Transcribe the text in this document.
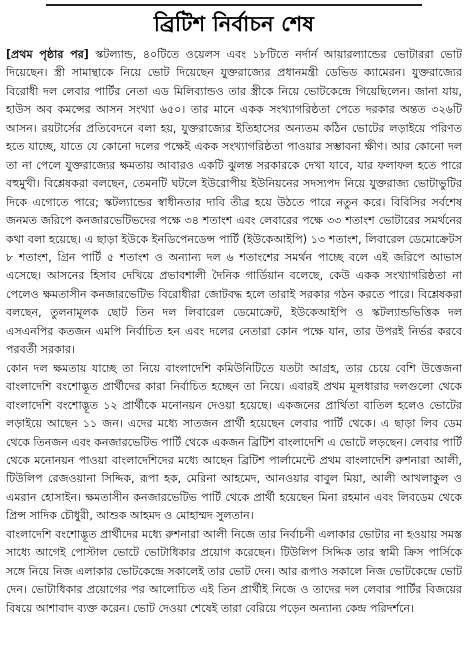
ব্রিটিশ নির্বাচন শেষ

[প্রথম পৃষ্ঠার পর] স্কটল্যান্ড, ৪০টিতে ওয়েলস এবং ১৮টিতে নর্দার্ন আয়ারল্যান্ডের ভোটাররা ভোট দিয়েছেন। স্ত্রী সামান্থাকে নিয়ে ভোট দিয়েছেন যুক্তরাজ্যের প্রধানমন্ত্রী ডেভিড ক্যামেরন। যুক্তরাজ্যের বিরোধী দল লেবার পার্টির নেতা এড মিলিব্যান্ডও তার স্ত্রীকে নিয়ে ভোটকেন্দ্রে গিয়েছিলেন। জানা যায়, হাউস অব কমন্সের আসন সংখ্যা ৬৫০। তার মানে একক সংখ্যাগরিষ্ঠতা পেতে দরকার অন্তত ৩২৬টি আসন। রয়টার্সের প্রতিবেদনে বলা হয়, যুক্তরাজ্যের ইতিহাসের অন্যতম কঠিন ভোটের লড়াইয়ে পরিণত হতে যাচ্ছে, যাতে যে কোনো দলের পক্ষেই একক সংখ্যাগরিষ্ঠতা পাওয়ার সম্ভাবনা ক্ষীণ। আর কোনো দল তা না পেলে যুক্তরাজ্যের ক্ষমতায় আবারও একটি ঝুলন্ত সরকারকে দেখা যাবে, যার ফলাফল হতে পারে বহুমুখী। বিশ্লেষকরা বলছেন, তেমনটি ঘটলে ইউরোপীয় ইউনিয়নের সদস্যপদ নিয়ে যুক্তরাজ্য ভোটাভুটির দিকে এগোতে পারে; স্কটল্যান্ডের স্বাধীনতার দাবি তীব্র হয়ে উঠতে পারে নতুন করে। বিবিসির সর্বশেষ জনমত জরিপে কনজারভেটিভদের পক্ষে ৩৪ শতাংশ এবং লেবারের পক্ষে ৩৩ শতাংশ ভোটারের সমর্থনের কথা বলা হয়েছে। এ ছাড়া ইউকে ইনডিপেনডেন্স পার্টি (ইউকেআইপি) ১৩ শতাংশ, লিবারেল ডেমোক্রেটস ৮ শতাংশ, গ্রিন পার্টি ৫ শতাংশ ও অন্যান্য দল ৬ শতাংশের সমর্থন পাচ্ছে বলে এই জরিপে আভাস এসেছে। আসনের হিসাব দেখিয়ে প্রভাবশালী দৈনিক গার্ডিয়ান বলেছে, কেউ একক সংখ্যাগরিষ্ঠতা না পেলেও ক্ষমতাসীন কনজারভেটিভ বিরোধীরা জোটবদ্ধ হলে তারাই সরকার গঠন করতে পারে। বিশ্লেষকরা বলছেন, তুলনামূলক ছোট তিন দল লিবারেল ডেমোক্রেট, ইউকেআইপি ও স্কটল্যান্ডভিত্তিক দল এসএনপির কতজন এমপি নির্বাচিত হন এবং দলের নেতারা কোন পক্ষে যান, তার উপরই নির্ভর করবে পরবর্তী সরকার।

কোন দল ক্ষমতায় যাচ্ছে তা নিয়ে বাংলাদেশি কমিউনিটিতে যতটা আগ্রহ, তার চেয়ে বেশি উত্তেজনা বাংলাদেশি বংশোদ্ভূত প্রার্থীদের কারা নির্বাচিত হচ্ছেন তা নিয়ে। এবারই প্রথম মূলধারার দলগুলো থেকে বাংলাদেশি বংশোদ্ভূত ১২ প্রার্থীকে মনোনয়ন দেওয়া হয়েছে। একজনের প্রার্থিতা বাতিল হলেও ভোটের লড়াইয়ে আছেন ১১ জন। এদের মধ্যে সাতজন প্রার্থী হয়েছেন লেবার পার্টি থেকে। এ ছাড়া লিব ডেম থেকে তিনজন এবং কনজারভেটিভ পার্টি থেকে একজন ব্রিটিশ বাংলাদেশি এ ভোটে লড়ছেন। লেবার পার্টি থেকে মনোনয়ন পাওয়া বাংলাদেশিদের মধ্যে আছেন ব্রিটিশ পার্লামেন্টে প্রথম বাংলাদেশি রুশনারা আলী, টিউলিপ রেজওয়ানা সিদ্দিক, রূপা হক, মেরিনা আহমেদ, আনওয়ার বাবুল মিয়া, আলী আখলাকুল ও এমরান হোসাইন। ক্ষমতাসীন কনজারভেটিভ পার্টি থেকে প্রার্থী হয়েছেন মিনা রহমান এবং লিবডেম থেকে প্রিন্স সাদিক চৌধুরী, আশুক আহমদ ও মোহাম্মদ সুলতান।

বাংলাদেশি বংশোদ্ভূত প্রার্থীদের মধ্যে রুশনারা আলী নিজে তার নির্বাচনী এলাকার ভোটার না হওয়ায় সমস্ত সাধ্যে আগেই পোস্টাল ভোটে ভোটাধিকার প্রয়োগ করেছেন। টিউলিপ সিদ্দিক তার স্বামী ক্রিস পার্সিকে সঙ্গে নিয়ে নিজ এলাকার ভোটকেন্দ্রে সকালেই তার ভোট দেন। আর রূপাও সকালে নিজ ভোটকেন্দ্রে ভোট দেন। ভোটাধিকার প্রয়োগের পর আলোচিত এই তিন প্রার্থীই নিজে ও তাদের দল লেবার পার্টির বিজয়ের বিষয়ে আশাবাদ ব্যক্ত করেন। ভোট দেওয়া শেষেই তারা বেরিয়ে পড়েন অন্যান্য কেন্দ্র পরিদর্শনে।
